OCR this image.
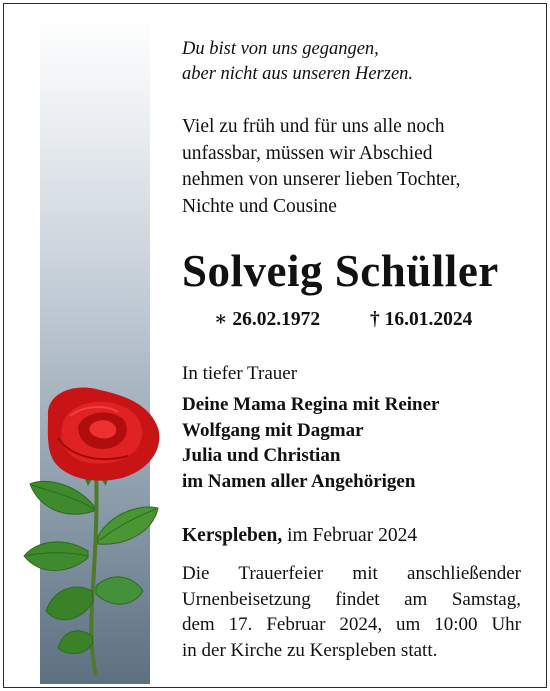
Du bist von uns gegangen,
aber nicht aus unseren Herzen.
Viel zu früh und für uns alle noch
unfassbar, müssen wir Abschied
nehmen von unserer lieben Tochter,
Nichte und Cousine
Solveig Schüller
∗ 26.02.1972	† 16.01.2024
In tiefer Trauer
Deine Mama Regina mit Reiner
Wolfgang mit Dagmar
Julia und Christian
im Namen aller Angehörigen
Kerspleben, im Februar 2024
Die Trauerfeier mit anschließender
Urnenbeisetzung findet am Samstag,
dem 17. Februar 2024, um 10:00 Uhr
in der Kirche zu Kerspleben statt.
